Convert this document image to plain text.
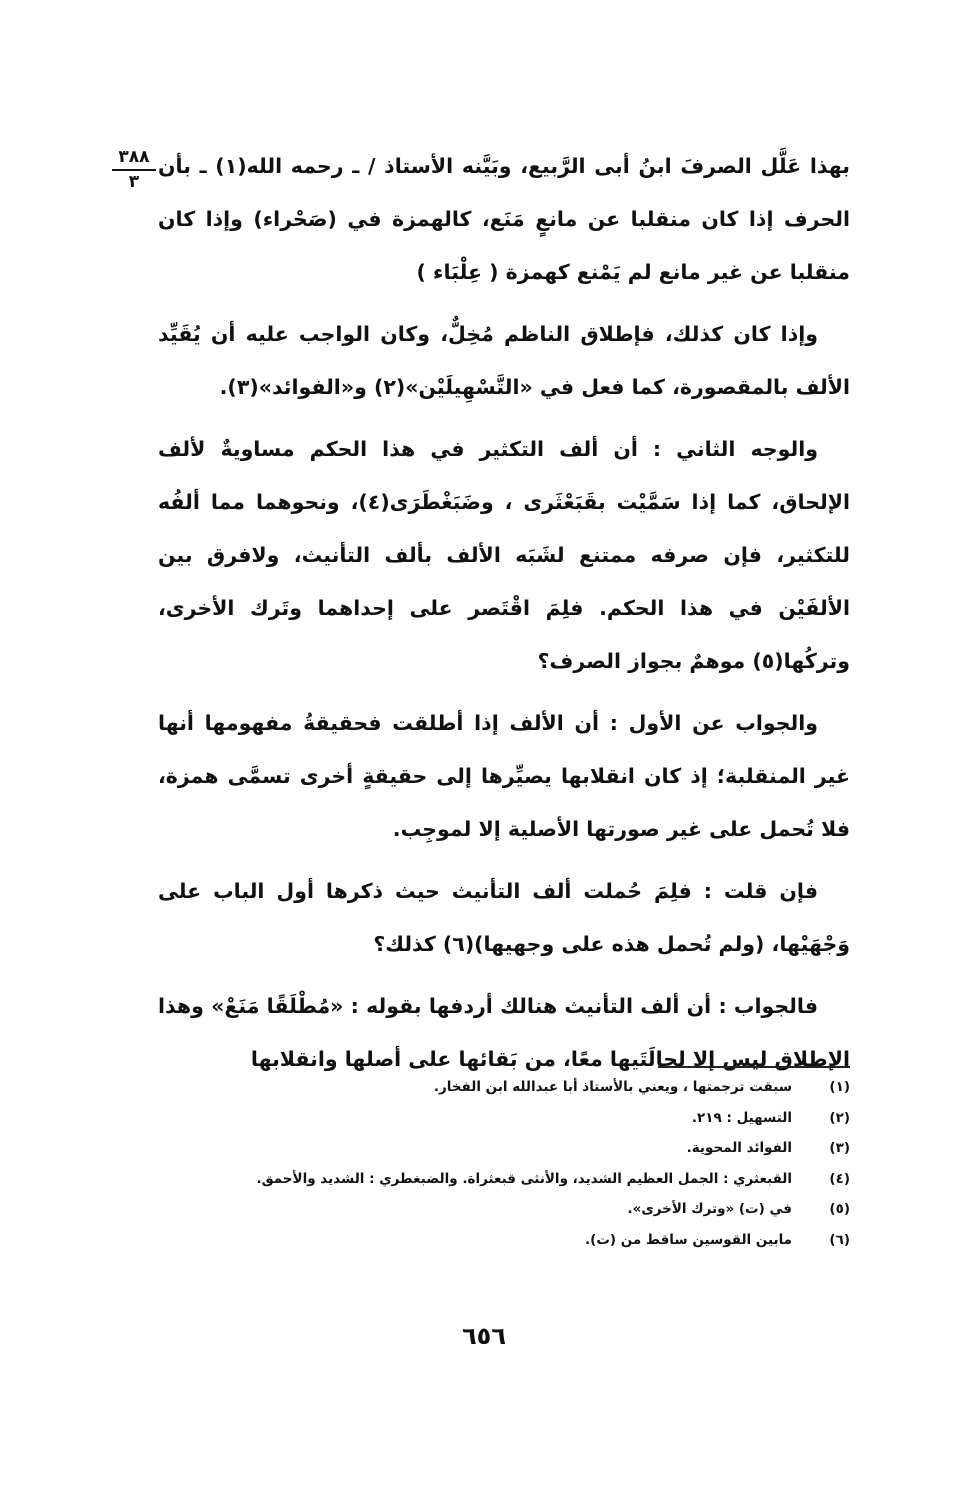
٣٨٨
٣

بهذا عَلَّل الصرفَ ابنُ أبى الرَّبيع، وبَيَّنه الأستاذ / ـ رحمه الله(١) ـ بأن الحرف إذا كان منقلبا عن مانعٍ مَنَع، كالهمزة في (صَحْراء) وإذا كان منقلبا عن غير مانع لم يَمْنع كهمزة ( عِلْبَاء )

وإذا كان كذلك، فإطلاق الناظم مُخِلٌّ، وكان الواجب عليه أن يُقَيِّد الألف بالمقصورة، كما فعل في «التَّسْهِيلَيْن»(٢) و«الفوائد»(٣).

والوجه الثاني : أن ألف التكثير في هذا الحكم مساويةٌ لألف الإلحاق، كما إذا سَمَّيْت بقَبَعْثَرى ، وضَبَغْطَرَى(٤)، ونحوهما مما ألفُه للتكثير، فإن صرفه ممتنع لشَبَه الألف بألف التأنيث، ولافرق بين الألفَيْن في هذا الحكم. فلِمَ اقْتَصر على إحداهما وتَرك الأخرى، وتركُها(٥) موهمٌ بجواز الصرف؟

والجواب عن الأول : أن الألف إذا أطلقت فحقيقةُ مفهومها أنها غير المنقلبة؛ إذ كان انقلابها يصيِّرها إلى حقيقةٍ أخرى تسمَّى همزة، فلا تُحمل على غير صورتها الأصلية إلا لموجِب.

فإن قلت : فلِمَ حُملت ألف التأنيث حيث ذكرها أول الباب على وَجْهَيْها، (ولم تُحمل هذه على وجهيها)(٦) كذلك؟

فالجواب : أن ألف التأنيث هنالك أردفها بقوله : «مُطْلَقًا مَنَعْ» وهذا الإطلاق ليس إلا لحالَتَيها معًا، من بَقائها على أصلها وانقلابها

(١)
سبقت ترجمتها ، ويعني بالأستاذ أبا عبدالله ابن الفخار.
(٢)
التسهيل : ٢١٩.
(٣)
الفوائد المحوية.
(٤)
القبعثري : الجمل العظيم الشديد، والأنثى قبعثراة. والضبغطري : الشديد والأحمق.
(٥)
في (ت) «وترك الأخرى».
(٦)
مابين القوسين ساقط من (ت).
٦٥٦
